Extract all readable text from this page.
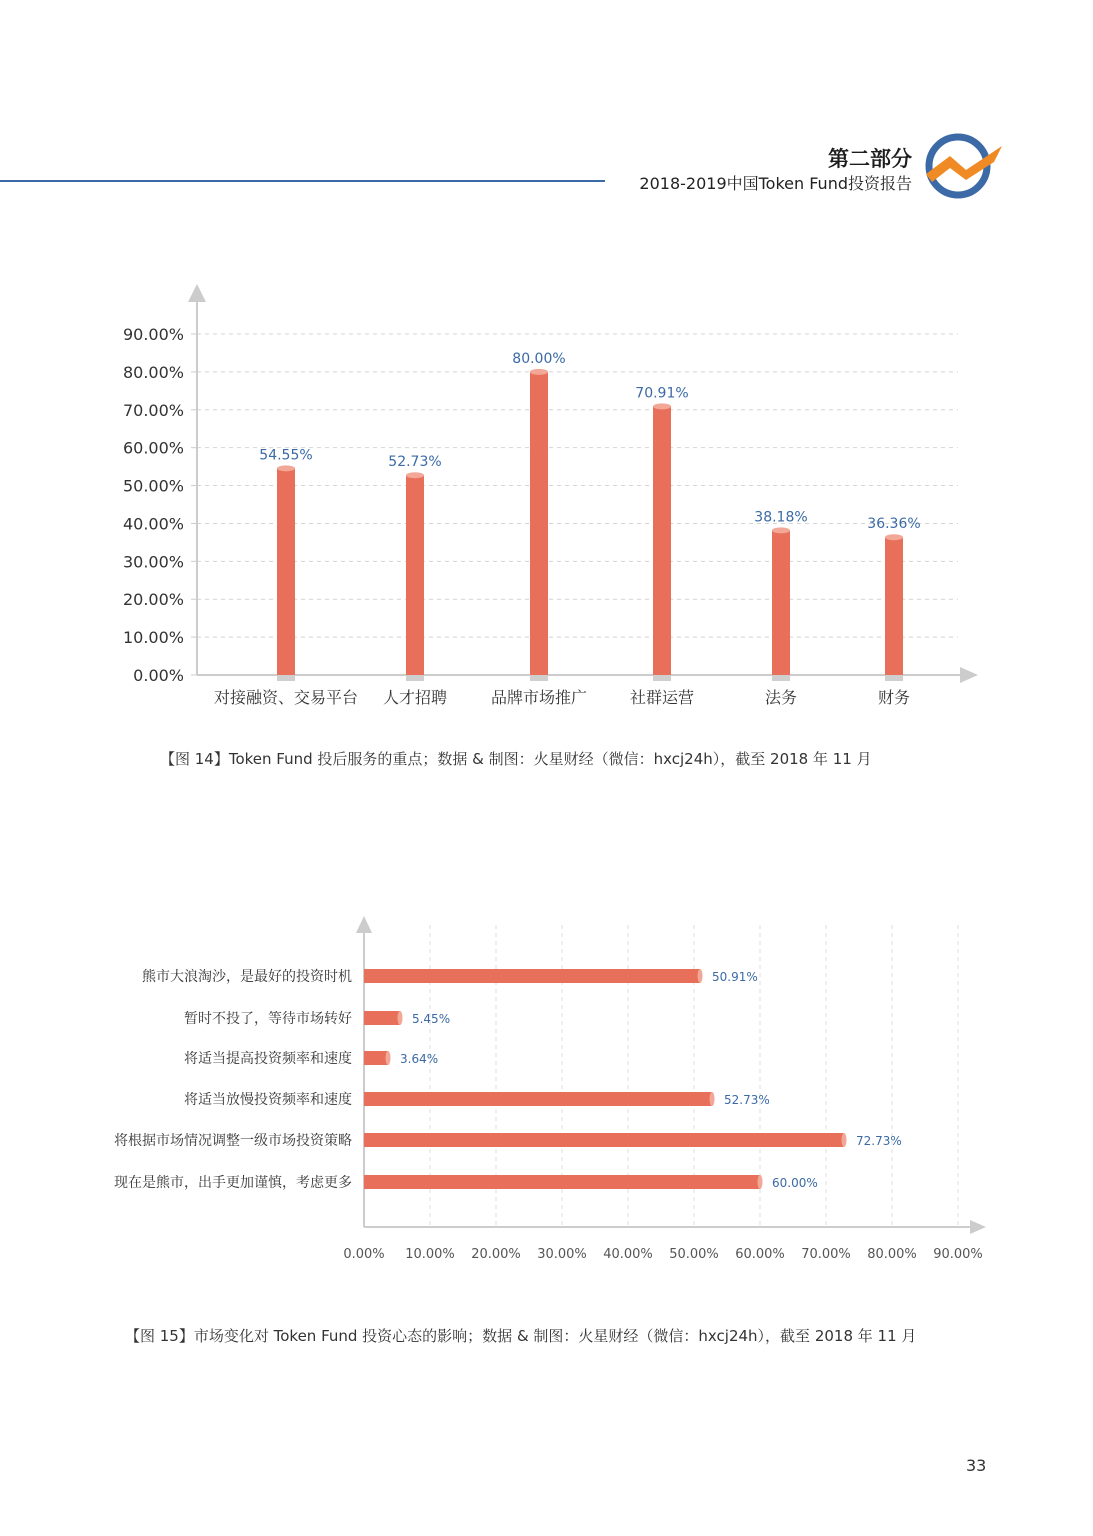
第二部分
2018-2019中国Token Fund投资报告
0.00%
10.00%
20.00%
30.00%
40.00%
50.00%
60.00%
70.00%
80.00%
90.00%
54.55%
对接融资、交易平台
52.73%
人才招聘
80.00%
品牌市场推广
70.91%
社群运营
38.18%
法务
36.36%
财务
【图 14】Token Fund 投后服务的重点；数据 & 制图：火星财经（微信：hxcj24h），截至 2018 年 11 月
0.00% 10.00% 20.00% 30.00% 40.00% 50.00% 60.00% 70.00% 80.00% 90.00%
50.91%
熊市大浪淘沙，是最好的投资时机
5.45%
暂时不投了，等待市场转好
3.64%
将适当提高投资频率和速度
52.73%
将适当放慢投资频率和速度
72.73%
将根据市场情况调整一级市场投资策略
60.00%
现在是熊市，出手更加谨慎，考虑更多
【图 15】市场变化对 Token Fund 投资心态的影响；数据 & 制图：火星财经（微信：hxcj24h），截至 2018 年 11 月
33
